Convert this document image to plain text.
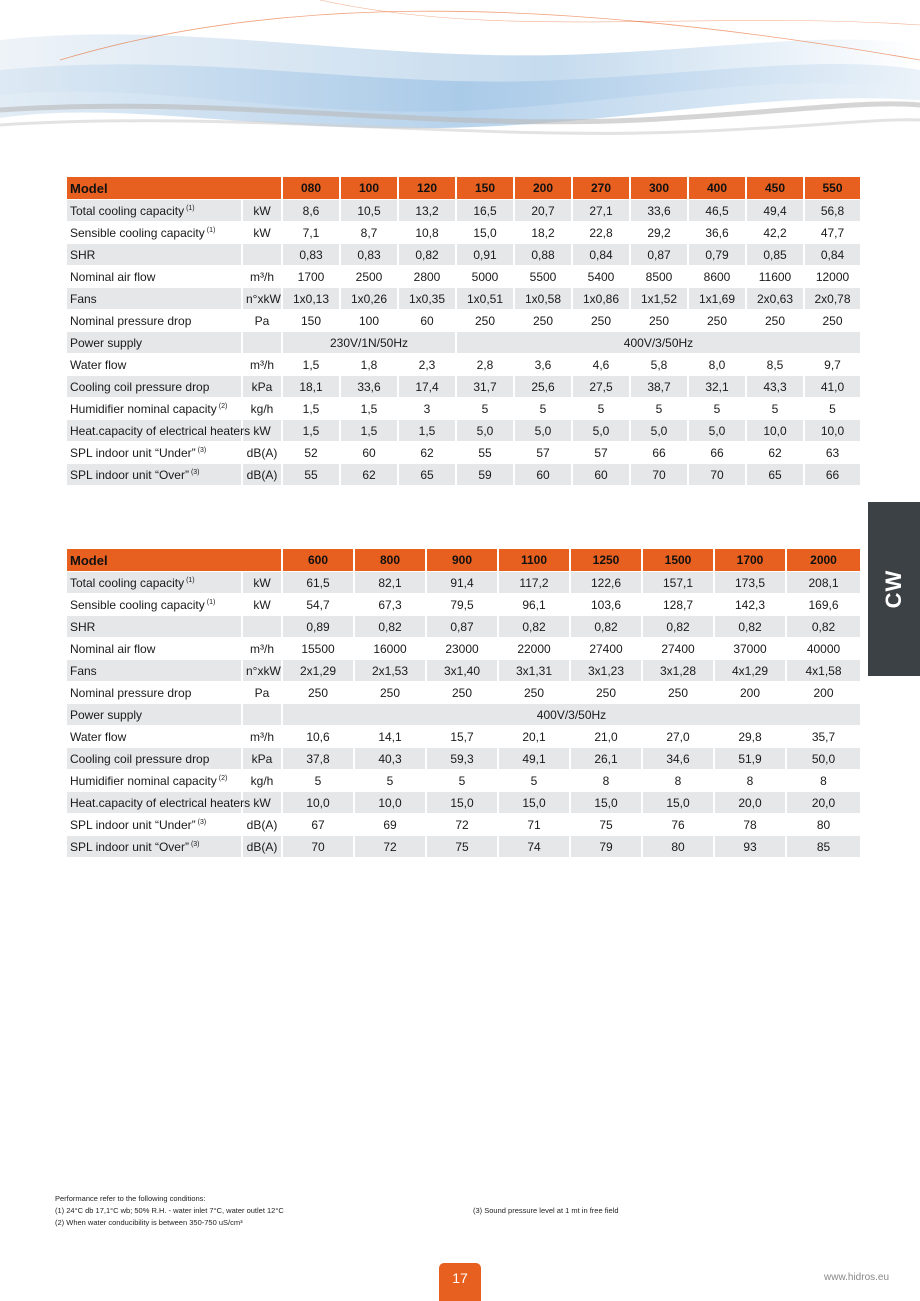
Model		080	100	120	150	200	270	300	400	450	550
Total cooling capacity $^{(1)}$	kW	8,6	10,5	13,2	16,5	20,7	27,1	33,6	46,5	49,4	56,8
Sensible cooling capacity $^{(1)}$	kW	7,1	8,7	10,8	15,0	18,2	22,8	29,2	36,6	42,2	47,7
SHR		0,83	0,83	0,82	0,91	0,88	0,84	0,87	0,79	0,85	0,84
Nominal air flow	m³/h	1700	2500	2800	5000	5500	5400	8500	8600	11600	12000
Fans	n°xkW	1x0,13	1x0,26	1x0,35	1x0,51	1x0,58	1x0,86	1x1,52	1x1,69	2x0,63	2x0,78
Nominal pressure drop	Pa	150	100	60	250	250	250	250	250	250	250
Power supply		230V/1N/50Hz			400V/3/50Hz						
Water flow	m³/h	1,5	1,8	2,3	2,8	3,6	4,6	5,8	8,0	8,5	9,7
Cooling coil pressure drop	kPa	18,1	33,6	17,4	31,7	25,6	27,5	38,7	32,1	43,3	41,0
Humidifier nominal capacity $^{(2)}$	kg/h	1,5	1,5	3	5	5	5	5	5	5	5
Heat.capacity of electrical heaters	kW	1,5	1,5	1,5	5,0	5,0	5,0	5,0	5,0	10,0	10,0
SPL indoor unit “Under” $^{(3)}$	dB(A)	52	60	62	55	57	57	66	66	62	63
SPL indoor unit “Over” $^{(3)}$	dB(A)	55	62	65	59	60	60	70	70	65	66
Model		600	800	900	1100	1250	1500	1700	2000
Total cooling capacity $^{(1)}$	kW	61,5	82,1	91,4	117,2	122,6	157,1	173,5	208,1
Sensible cooling capacity $^{(1)}$	kW	54,7	67,3	79,5	96,1	103,6	128,7	142,3	169,6
SHR		0,89	0,82	0,87	0,82	0,82	0,82	0,82	0,82
Nominal air flow	m³/h	15500	16000	23000	22000	27400	27400	37000	40000
Fans	n°xkW	2x1,29	2x1,53	3x1,40	3x1,31	3x1,23	3x1,28	4x1,29	4x1,58
Nominal pressure drop	Pa	250	250	250	250	250	250	200	200
Power supply		400V/3/50Hz							
Water flow	m³/h	10,6	14,1	15,7	20,1	21,0	27,0	29,8	35,7
Cooling coil pressure drop	kPa	37,8	40,3	59,3	49,1	26,1	34,6	51,9	50,0
Humidifier nominal capacity $^{(2)}$	kg/h	5	5	5	5	8	8	8	8
Heat.capacity of electrical heaters	kW	10,0	10,0	15,0	15,0	15,0	15,0	20,0	20,0
SPL indoor unit “Under” $^{(3)}$	dB(A)	67	69	72	71	75	76	78	80
SPL indoor unit “Over” $^{(3)}$	dB(A)	70	72	75	74	79	80	93	85
CW
Performance refer to the following conditions:
(1) 24°C db 17,1°C wb; 50% R.H. - water inlet 7°C, water outlet 12°C
(2) When water conducibility is between 350-750 uS/cm³
(3) Sound pressure level at 1 mt in free field
17	www.hidros.eu
